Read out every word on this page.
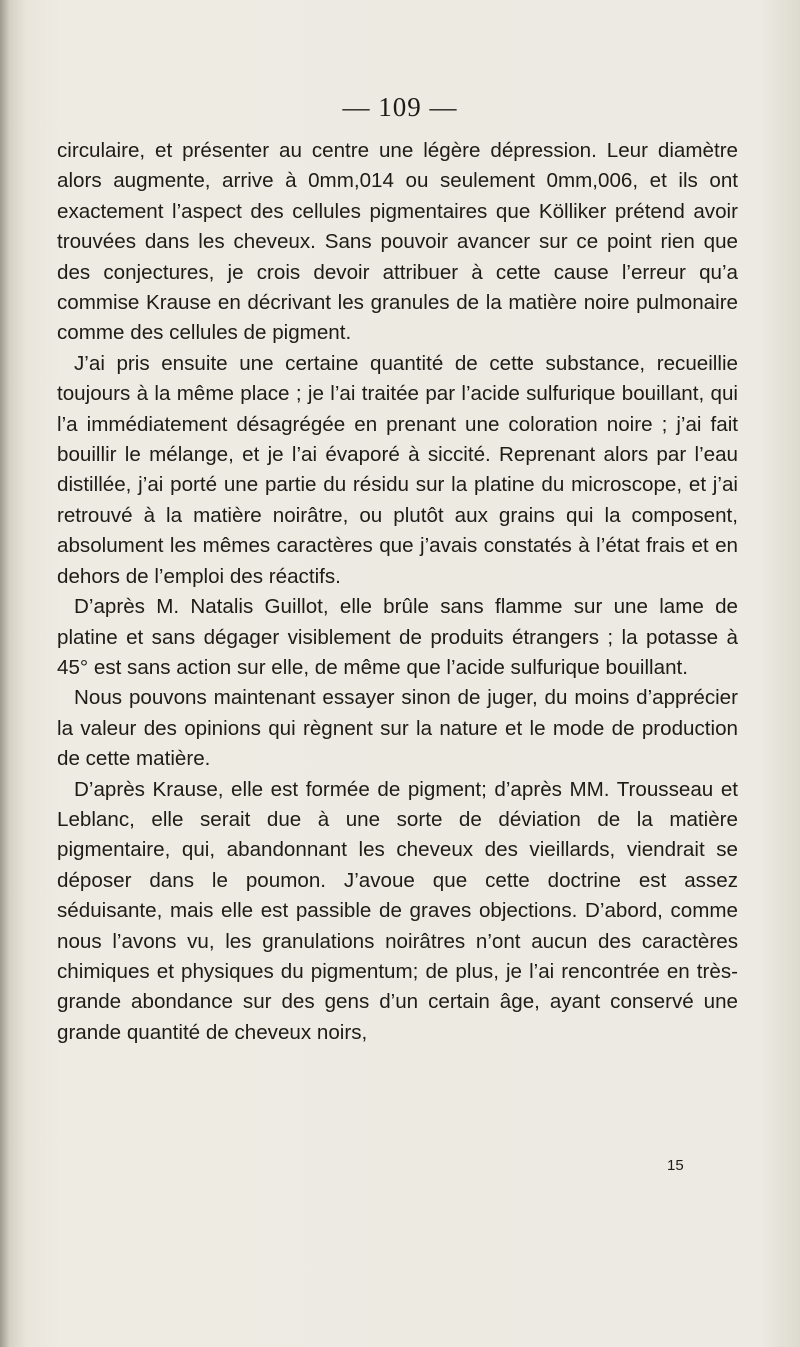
— 109 —

circulaire, et présenter au centre une légère dépression. Leur diamètre alors augmente, arrive à 0mm,014 ou seulement 0mm,006, et ils ont exactement l’aspect des cellules pigmentaires que Kölliker prétend avoir trouvées dans les cheveux. Sans pouvoir avancer sur ce point rien que des conjectures, je crois devoir attribuer à cette cause l’erreur qu’a commise Krause en décrivant les granules de la matière noire pulmonaire comme des cellules de pigment.

J’ai pris ensuite une certaine quantité de cette substance, recueillie toujours à la même place ; je l’ai traitée par l’acide sulfurique bouillant, qui l’a immédiatement désagrégée en prenant une coloration noire ; j’ai fait bouillir le mélange, et je l’ai évaporé à siccité. Reprenant alors par l’eau distillée, j’ai porté une partie du résidu sur la platine du microscope, et j’ai retrouvé à la matière noirâtre, ou plutôt aux grains qui la composent, absolument les mêmes caractères que j’avais constatés à l’état frais et en dehors de l’emploi des réactifs.

D’après M. Natalis Guillot, elle brûle sans flamme sur une lame de platine et sans dégager visiblement de produits étrangers ; la potasse à 45° est sans action sur elle, de même que l’acide sulfurique bouillant.

Nous pouvons maintenant essayer sinon de juger, du moins d’apprécier la valeur des opinions qui règnent sur la nature et le mode de production de cette matière.

D’après Krause, elle est formée de pigment; d’après MM. Trousseau et Leblanc, elle serait due à une sorte de déviation de la matière pigmentaire, qui, abandonnant les cheveux des vieillards, viendrait se déposer dans le poumon. J’avoue que cette doctrine est assez séduisante, mais elle est passible de graves objections. D’abord, comme nous l’avons vu, les granulations noirâtres n’ont aucun des caractères chimiques et physiques du pigmentum; de plus, je l’ai rencontrée en très-grande abondance sur des gens d’un certain âge, ayant conservé une grande quantité de cheveux noirs,

15
